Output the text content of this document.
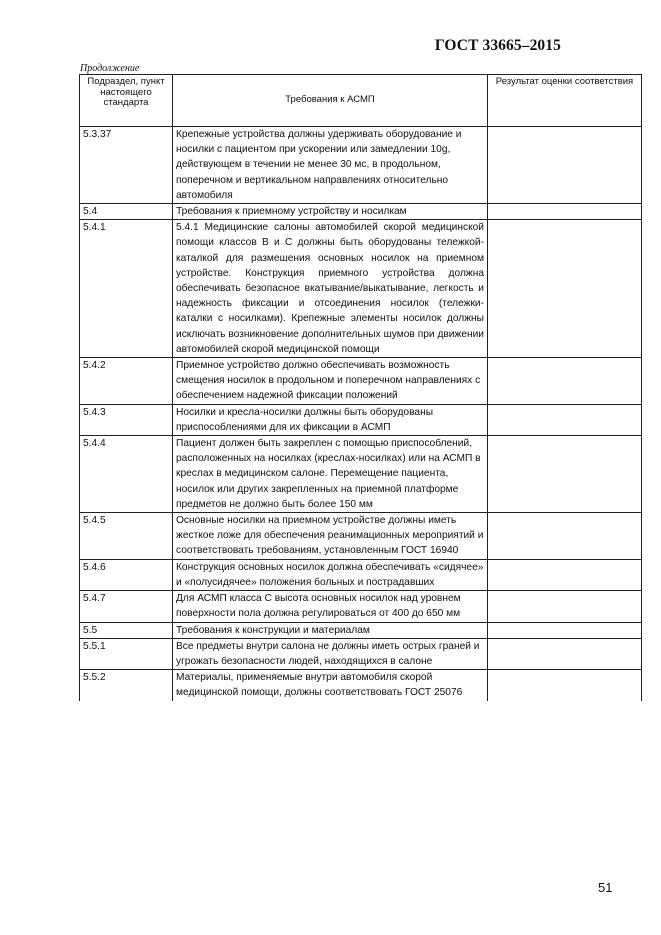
ГОСТ 33665–2015
Продолжение
Подраздел, пункт настоящего стандарта	Требования к АСМП	Результат оценки соответствия
5.3.37	Крепежные устройства должны удерживать оборудование и носилки с пациентом при ускорении или замедлении 10g, действующем в течении не менее 30 мс, в продольном, поперечном и вертикальном направлениях относительно автомобиля	
5.4	Требования к приемному устройству и носилкам	
5.4.1	5.4.1 Медицинские салоны автомобилей скорой медицинской помощи классов В и С должны быть оборудованы тележкой-каталкой для размешения основных носилок на приемном устройстве. Конструкция приемного устройства должна обеспечивать безопасное вкатывание/выкатывание, легкость и надежность фиксации и отсоединения носилок (тележки-каталки с носилками). Крепежные элементы носилок должны исключать возникновение дополнительных шумов при движении автомобилей скорой медицинской помощи	
5.4.2	Приемное устройство должно обеспечивать возможность смещения носилок в продольном и поперечном направлениях с обеспечением надежной фиксации положений	
5.4.3	Носилки и кресла-носилки должны быть оборудованы приспособлениями для их фиксации в АСМП	
5.4.4	Пациент должен быть закреплен с помощью приспособлений, расположенных на носилках (креслах-носилках) или на АСМП в креслах в медицинском салоне. Перемещение пациента, носилок или других закрепленных на приемной платформе предметов не должно быть более 150 мм	
5.4.5	Основные носилки на приемном устройстве должны иметь жесткое ложе для обеспечения реанимационных мероприятий и соответствовать требованиям, установленным ГОСТ 16940	
5.4.6	Конструкция основных носилок должна обеспечивать «сидячее» и «полусидячее» положения больных и пострадавших	
5.4.7	Для АСМП класса С высота основных носилок над уровнем поверхности пола должна регулироваться от 400 до 650 мм	
5.5	Требования к конструкции и материалам	
5.5.1	Все предметы внутри салона не должны иметь острых граней и угрожать безопасности людей, находящихся в салоне	
5.5.2	Материалы, применяемые внутри автомобиля скорой медицинской помощи, должны соответствовать ГОСТ 25076	
51
